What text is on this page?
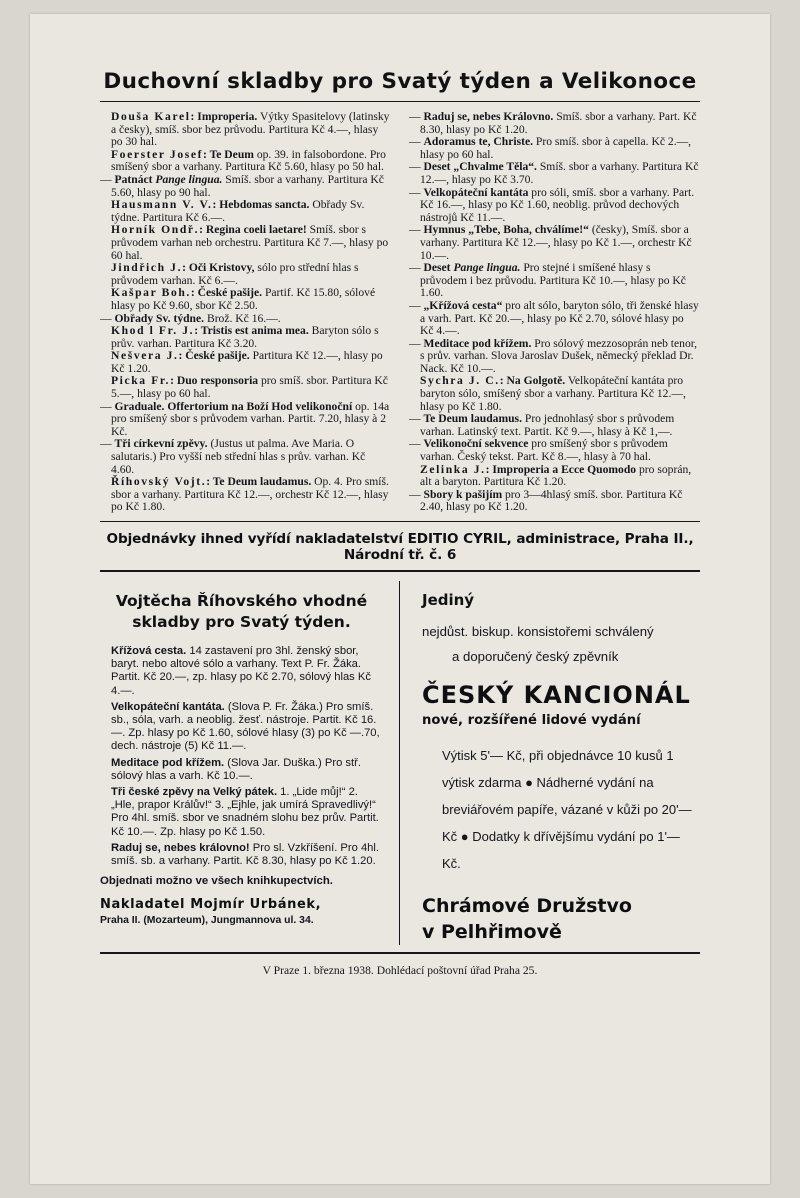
Duchovní skladby pro Svatý týden a Velikonoce
Douša Karel: Improperia. Výtky Spasitelovy (latinsky a česky), smíš. sbor bez průvodu. Partitura Kč 4.—, hlasy po 30 hal.
Foerster Josef: Te Deum op. 39. in falsobordone. Pro smíšený sbor a varhany. Partitura Kč 5.60, hlasy po 50 hal.
— Patnáct Pange lingua. Smíš. sbor a varhany. Partitura Kč 5.60, hlasy po 90 hal.
Hausmann V. V.: Hebdomas sancta. Obřady Sv. týdne. Partitura Kč 6.—.
Horník Ondř.: Regina coeli laetare! Smíš. sbor s průvodem varhan neb orchestru. Partitura Kč 7.—, hlasy po 60 hal.
Jindřich J.: Oči Kristovy, sólo pro střední hlas s průvodem varhan. Kč 6.—.
Kašpar Boh.: České pašije. Partif. Kč 15.80, sólové hlasy po Kč 9.60, sbor Kč 2.50.
— Obřady Sv. týdne. Brož. Kč 16.—.
Khod l Fr. J.: Tristis est anima mea. Baryton sólo s prův. varhan. Partitura Kč 3.20.
Nešvera J.: České pašije. Partitura Kč 12.—, hlasy po Kč 1.20.
Picka Fr.: Duo responsoria pro smíš. sbor. Partitura Kč 5.—, hlasy po 60 hal.
— Graduale. Offertorium na Boží Hod velikonoční op. 14a pro smíšený sbor s průvodem varhan. Partit. 7.20, hlasy à 2 Kč.
— Tři církevní zpěvy. (Justus ut palma. Ave Maria. O salutaris.) Pro vyšší neb střední hlas s prův. varhan. Kč 4.60.
Říhovský Vojt.: Te Deum laudamus. Op. 4. Pro smíš. sbor a varhany. Partitura Kč 12.—, orchestr Kč 12.—, hlasy po Kč 1.80.
— Raduj se, nebes Královno. Smíš. sbor a varhany. Part. Kč 8.30, hlasy po Kč 1.20.
— Adoramus te, Christe. Pro smíš. sbor à capella. Kč 2.—, hlasy po 60 hal.
— Deset „Chvalme Těla“. Smíš. sbor a varhany. Partitura Kč 12.—, hlasy po Kč 3.70.
— Velkopáteční kantáta pro sóli, smíš. sbor a varhany. Part. Kč 16.—, hlasy po Kč 1.60, neoblig. průvod dechových nástrojů Kč 11.—.
— Hymnus „Tebe, Boha, chválíme!“ (česky), Smíš. sbor a varhany. Partitura Kč 12.—, hlasy po Kč 1.—, orchestr Kč 10.—.
— Deset Pange lingua. Pro stejné i smíšené hlasy s průvodem i bez průvodu. Partitura Kč 10.—, hlasy po Kč 1.60.
— „Křížová cesta“ pro alt sólo, baryton sólo, tři ženské hlasy a varh. Part. Kč 20.—, hlasy po Kč 2.70, sólové hlasy po Kč 4.—.
— Meditace pod křížem. Pro sólový mezzosoprán neb tenor, s prův. varhan. Slova Jaroslav Dušek, německý překlad Dr. Nack. Kč 10.—.
Sychra J. C.: Na Golgotě. Velkopáteční kantáta pro baryton sólo, smíšený sbor a varhany. Partitura Kč 12.—, hlasy po Kč 1.80.
— Te Deum laudamus. Pro jednohlasý sbor s průvodem varhan. Latinský text. Partit. Kč 9.—, hlasy à Kč 1,—.
— Velikonoční sekvence pro smíšený sbor s průvodem varhan. Český tekst. Part. Kč 8.—, hlasy à 70 hal.
Zelinka J.: Improperia a Ecce Quomodo pro soprán, alt a baryton. Partitura Kč 1.20.
— Sbory k pašijím pro 3—4hlasý smíš. sbor. Partitura Kč 2.40, hlasy po Kč 1.20.
Objednávky ihned vyřídí nakladatelství EDITIO CYRIL, administrace, Praha II., Národní tř. č. 6
Vojtěcha Říhovského vhodné
skladby pro Svatý týden.
Křížová cesta. 14 zastavení pro 3hl. ženský sbor, baryt. nebo altové sólo a varhany. Text P. Fr. Žáka. Partit. Kč 20.—, zp. hlasy po Kč 2.70, sólový hlas Kč 4.—.
Velkopáteční kantáta. (Slova P. Fr. Žáka.) Pro smíš. sb., sóla, varh. a neoblig. žesť. nástroje. Partit. Kč 16.—. Zp. hlasy po Kč 1.60, sólové hlasy (3) po Kč —.70, dech. nástroje (5) Kč 11.—.
Meditace pod křížem. (Slova Jar. Duška.) Pro stř. sólový hlas a varh. Kč 10.—.
Tři české zpěvy na Velký pátek. 1. „Lide můj!“ 2. „Hle, prapor Králův!“ 3. „Ejhle, jak umírá Spravedlivý!“ Pro 4hl. smíš. sbor ve snadném slohu bez prův. Partit. Kč 10.—. Zp. hlasy po Kč 1.50.
Raduj se, nebes královno! Pro sl. Vzkříšení. Pro 4hl. smíš. sb. a varhany. Partit. Kč 8.30, hlasy po Kč 1.20.
Objednati možno ve všech knihkupectvích.
Nakladatel Mojmír Urbánek,
Praha II. (Mozarteum), Jungmannova ul. 34.
Jediný
nejdůst. biskup. konsistořemi schválený
a doporučený český zpěvník
ČESKÝ KANCIONÁL
nové, rozšířené lidové vydání
Výtisk 5'— Kč, při objednávce 10 kusů 1 výtisk zdarma ● Nádherné vydání na breviářovém papíře, vázané v kůži po 20'— Kč ● Dodatky k dřívějšímu vydání po 1'— Kč.
Chrámové Družstvo
v Pelhřimově
V Praze 1. března 1938. Dohlédací poštovní úřad Praha 25.
